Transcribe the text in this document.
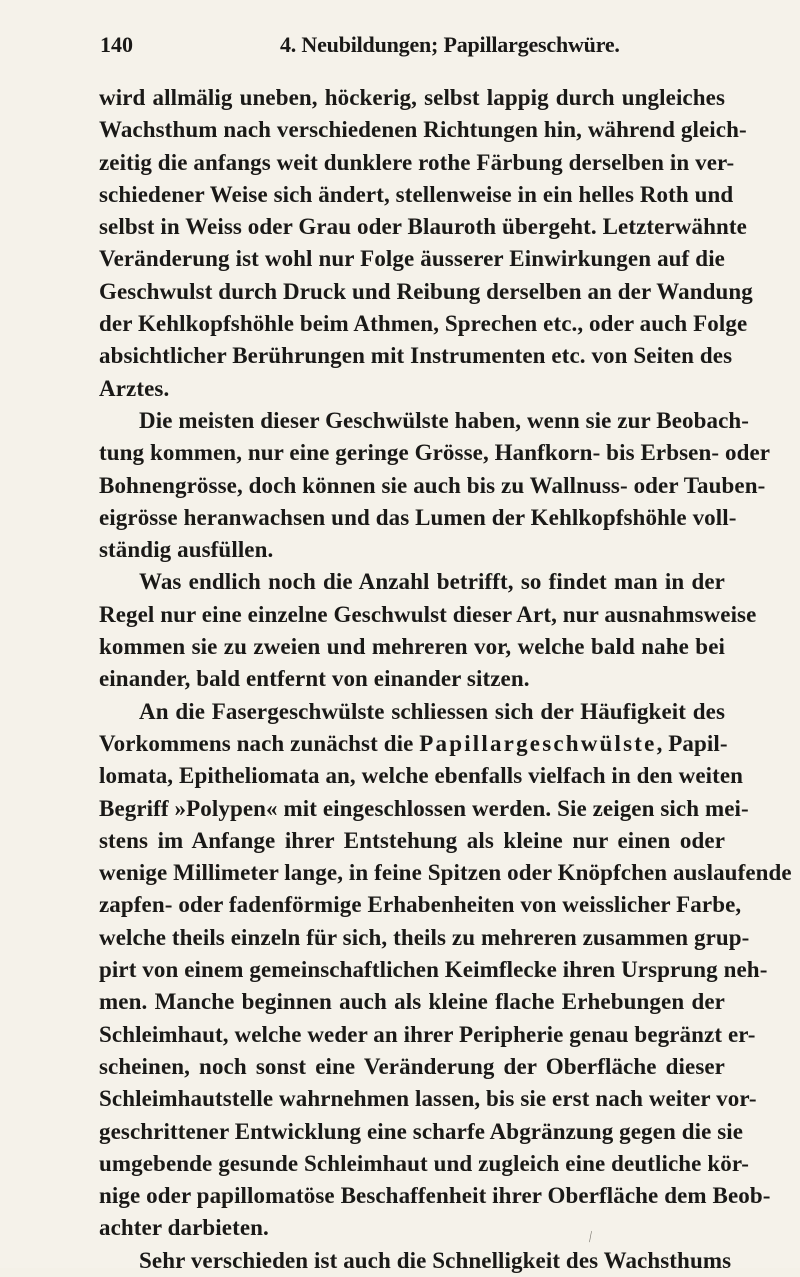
140	4. Neubildungen; Papillargeschwüre.
wird allmälig uneben, höckerig, selbst lappig durch ungleiches
Wachsthum nach verschiedenen Richtungen hin, während gleich-
zeitig die anfangs weit dunklere rothe Färbung derselben in ver-
schiedener Weise sich ändert, stellenweise in ein helles Roth und
selbst in Weiss oder Grau oder Blauroth übergeht. Letzterwähnte
Veränderung ist wohl nur Folge äusserer Einwirkungen auf die
Geschwulst durch Druck und Reibung derselben an der Wandung
der Kehlkopfshöhle beim Athmen, Sprechen etc., oder auch Folge
absichtlicher Berührungen mit Instrumenten etc. von Seiten des
Arztes.
Die meisten dieser Geschwülste haben, wenn sie zur Beobach-
tung kommen, nur eine geringe Grösse, Hanfkorn- bis Erbsen- oder
Bohnengrösse, doch können sie auch bis zu Wallnuss- oder Tauben-
eigrösse heranwachsen und das Lumen der Kehlkopfshöhle voll-
ständig ausfüllen.
Was endlich noch die Anzahl betrifft, so findet man in der
Regel nur eine einzelne Geschwulst dieser Art, nur ausnahmsweise
kommen sie zu zweien und mehreren vor, welche bald nahe bei
einander, bald entfernt von einander sitzen.
An die Fasergeschwülste schliessen sich der Häufigkeit des
Vorkommens nach zunächst die Papillargeschwülste, Papil-
lomata, Epitheliomata an, welche ebenfalls vielfach in den weiten
Begriff »Polypen« mit eingeschlossen werden. Sie zeigen sich mei-
stens im Anfange ihrer Entstehung als kleine nur einen oder
wenige Millimeter lange, in feine Spitzen oder Knöpfchen auslaufende
zapfen- oder fadenförmige Erhabenheiten von weisslicher Farbe,
welche theils einzeln für sich, theils zu mehreren zusammen grup-
pirt von einem gemeinschaftlichen Keimflecke ihren Ursprung neh-
men. Manche beginnen auch als kleine flache Erhebungen der
Schleimhaut, welche weder an ihrer Peripherie genau begränzt er-
scheinen, noch sonst eine Veränderung der Oberfläche dieser
Schleimhautstelle wahrnehmen lassen, bis sie erst nach weiter vor-
geschrittener Entwicklung eine scharfe Abgränzung gegen die sie
umgebende gesunde Schleimhaut und zugleich eine deutliche kör-
nige oder papillomatöse Beschaffenheit ihrer Oberfläche dem Beob-
achter darbieten.
Sehr verschieden ist auch die Schnelligkeit des Wachsthums
⁄
